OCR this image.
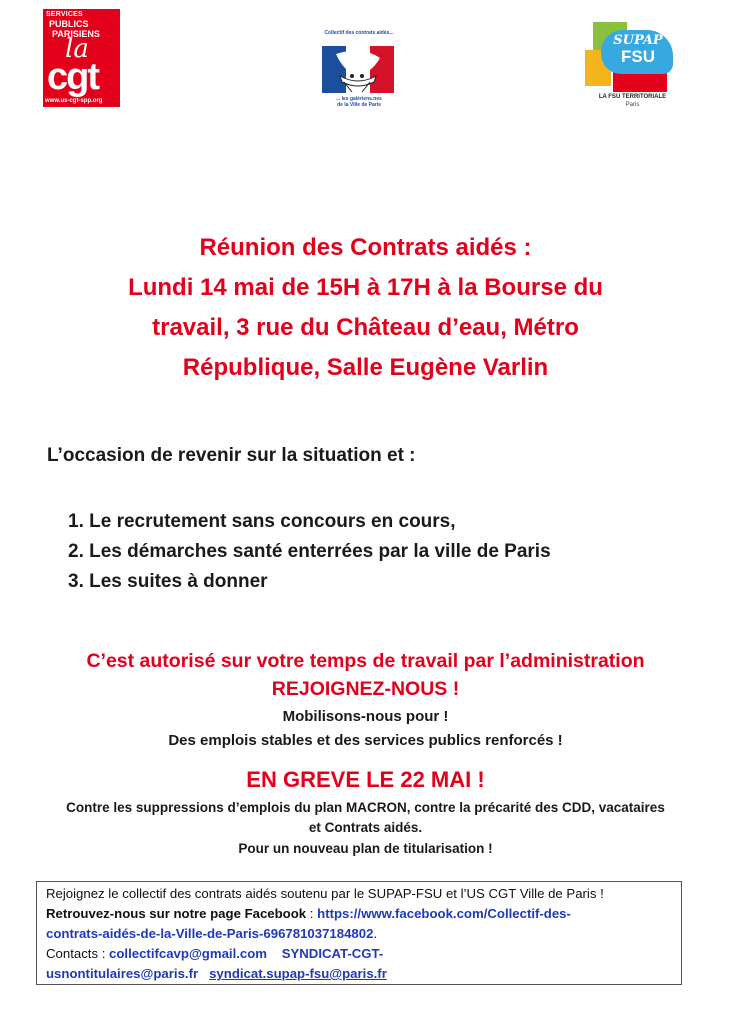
SERVICES
PUBLICS
PARISIENS
la
cgt
www.us-cgt-spp.org
Collectif des contrats aidés...
... les galériens.nes
de la Ville de Paris
SUPAP
FSU
LA FSU TERRITORIALE
Paris
Réunion des Contrats aidés :
Lundi 14 mai de 15H à 17H à la Bourse du
travail, 3 rue du Château d’eau, Métro
République, Salle Eugène Varlin
L’occasion de revenir sur la situation et :
1. Le recrutement sans concours en cours,
2. Les démarches santé enterrées par la ville de Paris
3. Les suites à donner
C’est autorisé sur votre temps de travail par l’administration
REJOIGNEZ-NOUS !
Mobilisons-nous pour !
Des emplois stables et des services publics renforcés !
EN GREVE LE 22 MAI !
Contre les suppressions d’emplois du plan MACRON, contre la précarité des CDD, vacataires
et Contrats aidés.
Pour un nouveau plan de titularisation !
Rejoignez le collectif des contrats aidés soutenu par le SUPAP-FSU et l’US CGT Ville de Paris !
Retrouvez-nous sur notre page Facebook : https://www.facebook.com/Collectif-des-
contrats-aidés-de-la-Ville-de-Paris-696781037184802.
Contacts : collectifcavp@gmail.com SYNDICAT-CGT-
usnontitulaires@paris.fr syndicat.supap-fsu@paris.fr
